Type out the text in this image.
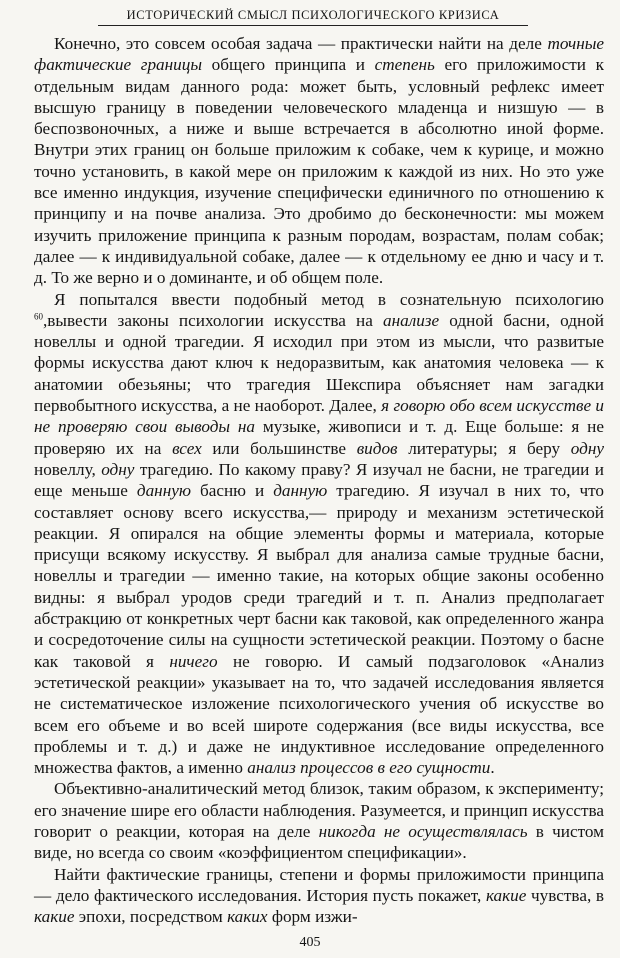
ИСТОРИЧЕСКИЙ СМЫСЛ ПСИХОЛОГИЧЕСКОГО КРИЗИСА

Конечно, это совсем особая задача — практически найти на деле точные фактические границы общего принципа и степень его приложимости к отдельным видам данного рода: может быть, условный рефлекс имеет высшую границу в поведении человеческого младенца и низшую — в беспозвоночных, а ниже и выше встречается в абсолютно иной форме. Внутри этих границ он больше приложим к собаке, чем к курице, и можно точно установить, в какой мере он приложим к каждой из них. Но это уже все именно индукция, изучение специфически единичного по отношению к принципу и на почве анализа. Это дробимо до бесконечности: мы можем изучить приложение принципа к разным породам, возрастам, полам собак; далее — к индивидуальной собаке, далее — к отдельному ее дню и часу и т. д. То же верно и о доминанте, и об общем поле.

Я попытался ввести подобный метод в сознательную психологию $^{60}$,вывести законы психологии искусства на анализе одной басни, одной новеллы и одной трагедии. Я исходил при этом из мысли, что развитые формы искусства дают ключ к недоразвитым, как анатомия человека — к анатомии обезьяны; что трагедия Шекспира объясняет нам загадки первобытного искусства, а не наоборот. Далее, я говорю обо всем искусстве и не проверяю свои выводы на музыке, живописи и т. д. Еще больше: я не проверяю их на всех или большинстве видов литературы; я беру одну новеллу, одну трагедию. По какому праву? Я изучал не басни, не трагедии и еще меньше данную басню и данную трагедию. Я изучал в них то, что составляет основу всего искусства,— природу и механизм эстетической реакции. Я опирался на общие элементы формы и материала, которые присущи всякому искусству. Я выбрал для анализа самые трудные басни, новеллы и трагедии — именно такие, на которых общие законы особенно видны: я выбрал уродов среди трагедий и т. п. Анализ предполагает абстракцию от конкретных черт басни как таковой, как определенного жанра и сосредоточение силы на сущности эстетической реакции. Поэтому о басне как таковой я ничего не говорю. И самый подзаголовок «Анализ эстетической реакции» указывает на то, что задачей исследования является не систематическое изложение психологического учения об искусстве во всем его объеме и во всей широте содержания (все виды искусства, все проблемы и т. д.) и даже не индуктивное исследование определенного множества фактов, а именно анализ процессов в его сущности.

Объективно-аналитический метод близок, таким образом, к эксперименту; его значение шире его области наблюдения. Разумеется, и принцип искусства говорит о реакции, которая на деле никогда не осуществлялась в чистом виде, но всегда со своим «коэффициентом спецификации».

Найти фактические границы, степени и формы приложимости принципа — дело фактического исследования. История пусть покажет, какие чувства, в какие эпохи, посредством каких форм изжи-

405
